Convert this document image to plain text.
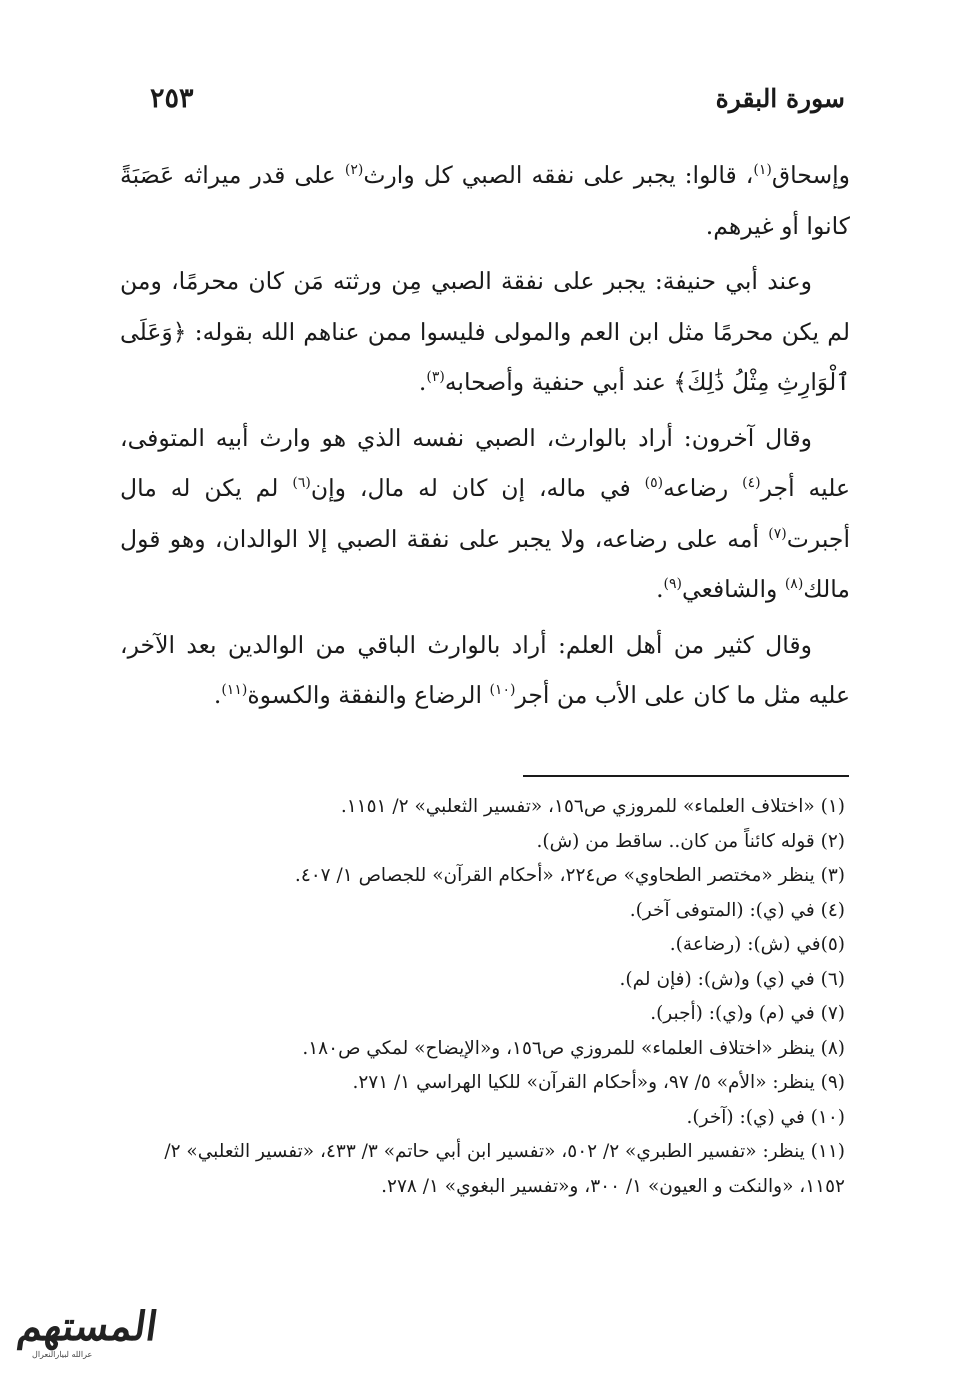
سورة البقرة
٢٥٣

وإسحاق$^{(١)}$، قالوا: يجبر على نفقه الصبي كل وارث$^{(٢)}$ على قدر ميراثه عَصَبَةً كانوا أو غيرهم.

وعند أبي حنيفة: يجبر على نفقة الصبي مِن ورثته مَن كان محرمًا، ومن لم يكن محرمًا مثل ابن العم والمولى فليسوا ممن عناهم الله بقوله: ﴿وَعَلَى ٱلْوَارِثِ مِثْلُ ذَٰلِكَ﴾ عند أبي حنفية وأصحابه$^{(٣)}$.

وقال آخرون: أراد بالوارث، الصبي نفسه الذي هو وارث أبيه المتوفى، عليه أجر$^{(٤)}$ رضاعه$^{(٥)}$ في ماله، إن كان له مال، وإن$^{(٦)}$ لم يكن له مال أجبرت$^{(٧)}$ أمه على رضاعه، ولا يجبر على نفقة الصبي إلا الوالدان، وهو قول مالك$^{(٨)}$ والشافعي$^{(٩)}$.

وقال كثير من أهل العلم: أراد بالوارث الباقي من الوالدين بعد الآخر، عليه مثل ما كان على الأب من أجر$^{(١٠)}$ الرضاع والنفقة والكسوة$^{(١١)}$.

(١) «اختلاف العلماء» للمروزي ص١٥٦، «تفسير الثعلبي» ٢/ ١١٥١.

(٢) قوله كائناً من كان.. ساقط من (ش).

(٣) ينظر «مختصر الطحاوي» ص٢٢٤، «أحكام القرآن» للجصاص ١/ ٤٠٧.

(٤) في (ي): (المتوفى آخر).

(٥)في (ش): (رضاعة).

(٦) في (ي) و(ش): (فإن لم).

(٧) في (م) و(ي): (أجبر).

(٨) ينظر «اختلاف العلماء» للمروزي ص١٥٦، و«الإيضاح» لمكي ص١٨٠.

(٩) ينظر: «الأم» ٥/ ٩٧، و«أحكام القرآن» للكيا الهراسي ١/ ٢٧١.

(١٠) في (ي): (آخر).

(١١) ينظر: «تفسير الطبري» ٢/ ٥٠٢، «تفسير ابن أبي حاتم» ٣/ ٤٣٣، «تفسير الثعلبي» ٢/ ١١٥٢، «والنكت و العيون» ١/ ٣٠٠، و«تفسير البغوي» ١/ ٢٧٨.

المستهم
عرالله لبيارالنعرال
